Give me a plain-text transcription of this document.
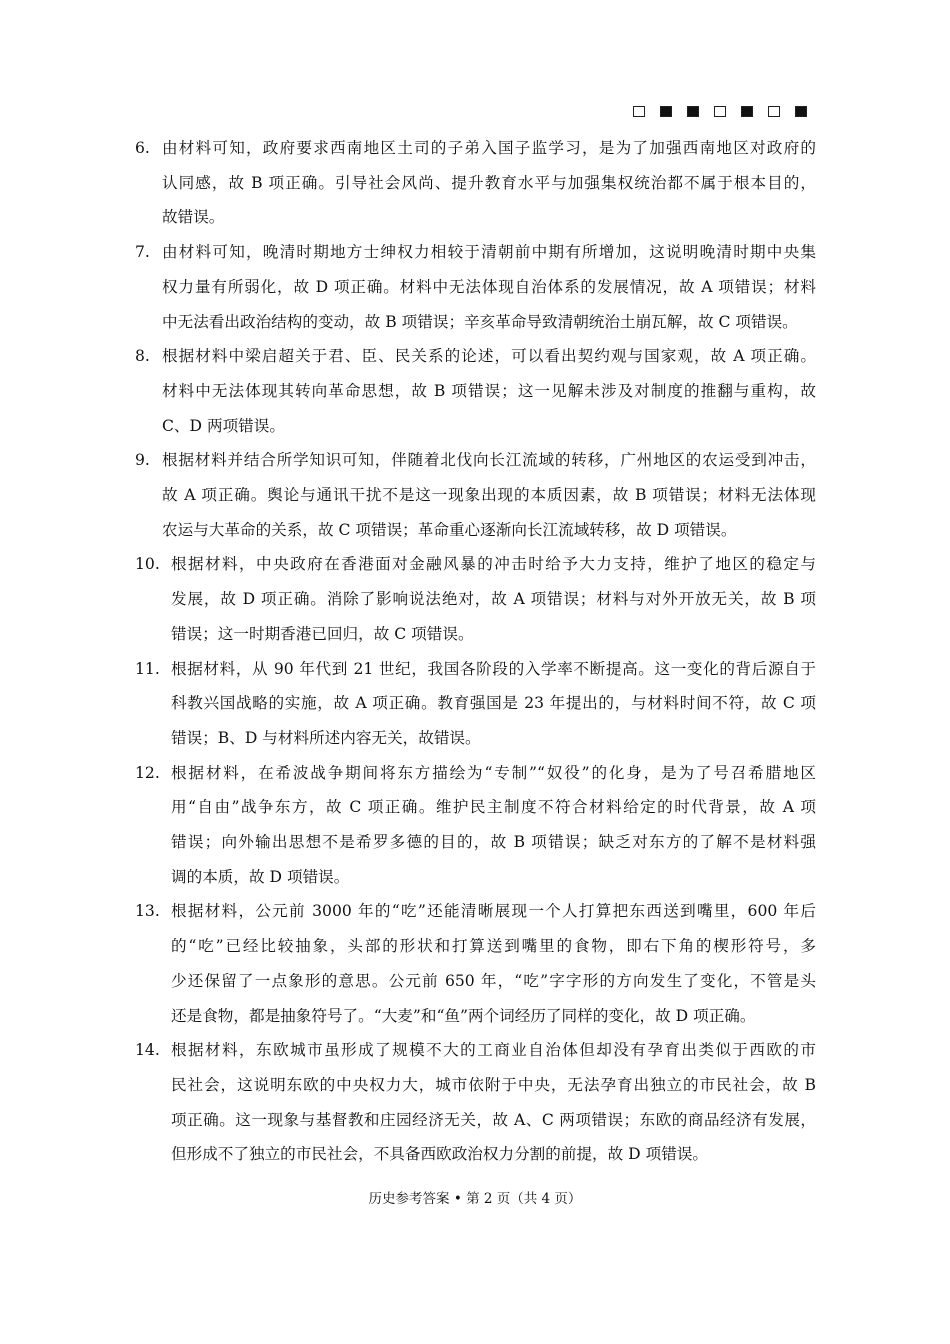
6. 由材料可知，政府要求西南地区土司的子弟入国子监学习，是为了加强西南地区对政府的
认同感，故 B 项正确。引导社会风尚、提升教育水平与加强集权统治都不属于根本目的，
故错误。
7. 由材料可知，晚清时期地方士绅权力相较于清朝前中期有所增加，这说明晚清时期中央集
权力量有所弱化，故 D 项正确。材料中无法体现自治体系的发展情况，故 A 项错误；材料
中无法看出政治结构的变动，故 B 项错误；辛亥革命导致清朝统治土崩瓦解，故 C 项错误。
8. 根据材料中梁启超关于君、臣、民关系的论述，可以看出契约观与国家观，故 A 项正确。
材料中无法体现其转向革命思想，故 B 项错误；这一见解未涉及对制度的推翻与重构，故
C、D 两项错误。
9. 根据材料并结合所学知识可知，伴随着北伐向长江流域的转移，广州地区的农运受到冲击，
故 A 项正确。舆论与通讯干扰不是这一现象出现的本质因素，故 B 项错误；材料无法体现
农运与大革命的关系，故 C 项错误；革命重心逐渐向长江流域转移，故 D 项错误。
10. 根据材料，中央政府在香港面对金融风暴的冲击时给予大力支持，维护了地区的稳定与
发展，故 D 项正确。消除了影响说法绝对，故 A 项错误；材料与对外开放无关，故 B 项
错误；这一时期香港已回归，故 C 项错误。
11. 根据材料，从 90 年代到 21 世纪，我国各阶段的入学率不断提高。这一变化的背后源自于
科教兴国战略的实施，故 A 项正确。教育强国是 23 年提出的，与材料时间不符，故 C 项
错误；B、D 与材料所述内容无关，故错误。
12. 根据材料，在希波战争期间将东方描绘为“专制”“奴役”的化身，是为了号召希腊地区
用“自由”战争东方，故 C 项正确。维护民主制度不符合材料给定的时代背景，故 A 项
错误；向外输出思想不是希罗多德的目的，故 B 项错误；缺乏对东方的了解不是材料强
调的本质，故 D 项错误。
13. 根据材料，公元前 3000 年的“吃”还能清晰展现一个人打算把东西送到嘴里，600 年后
的“吃”已经比较抽象，头部的形状和打算送到嘴里的食物，即右下角的楔形符号，多
少还保留了一点象形的意思。公元前 650 年，“吃”字字形的方向发生了变化，不管是头
还是食物，都是抽象符号了。“大麦”和“鱼”两个词经历了同样的变化，故 D 项正确。
14. 根据材料，东欧城市虽形成了规模不大的工商业自治体但却没有孕育出类似于西欧的市
民社会，这说明东欧的中央权力大，城市依附于中央，无法孕育出独立的市民社会，故 B
项正确。这一现象与基督教和庄园经济无关，故 A、C 两项错误；东欧的商品经济有发展，
但形成不了独立的市民社会，不具备西欧政治权力分割的前提，故 D 项错误。
历史参考答案 • 第 2 页（共 4 页）
